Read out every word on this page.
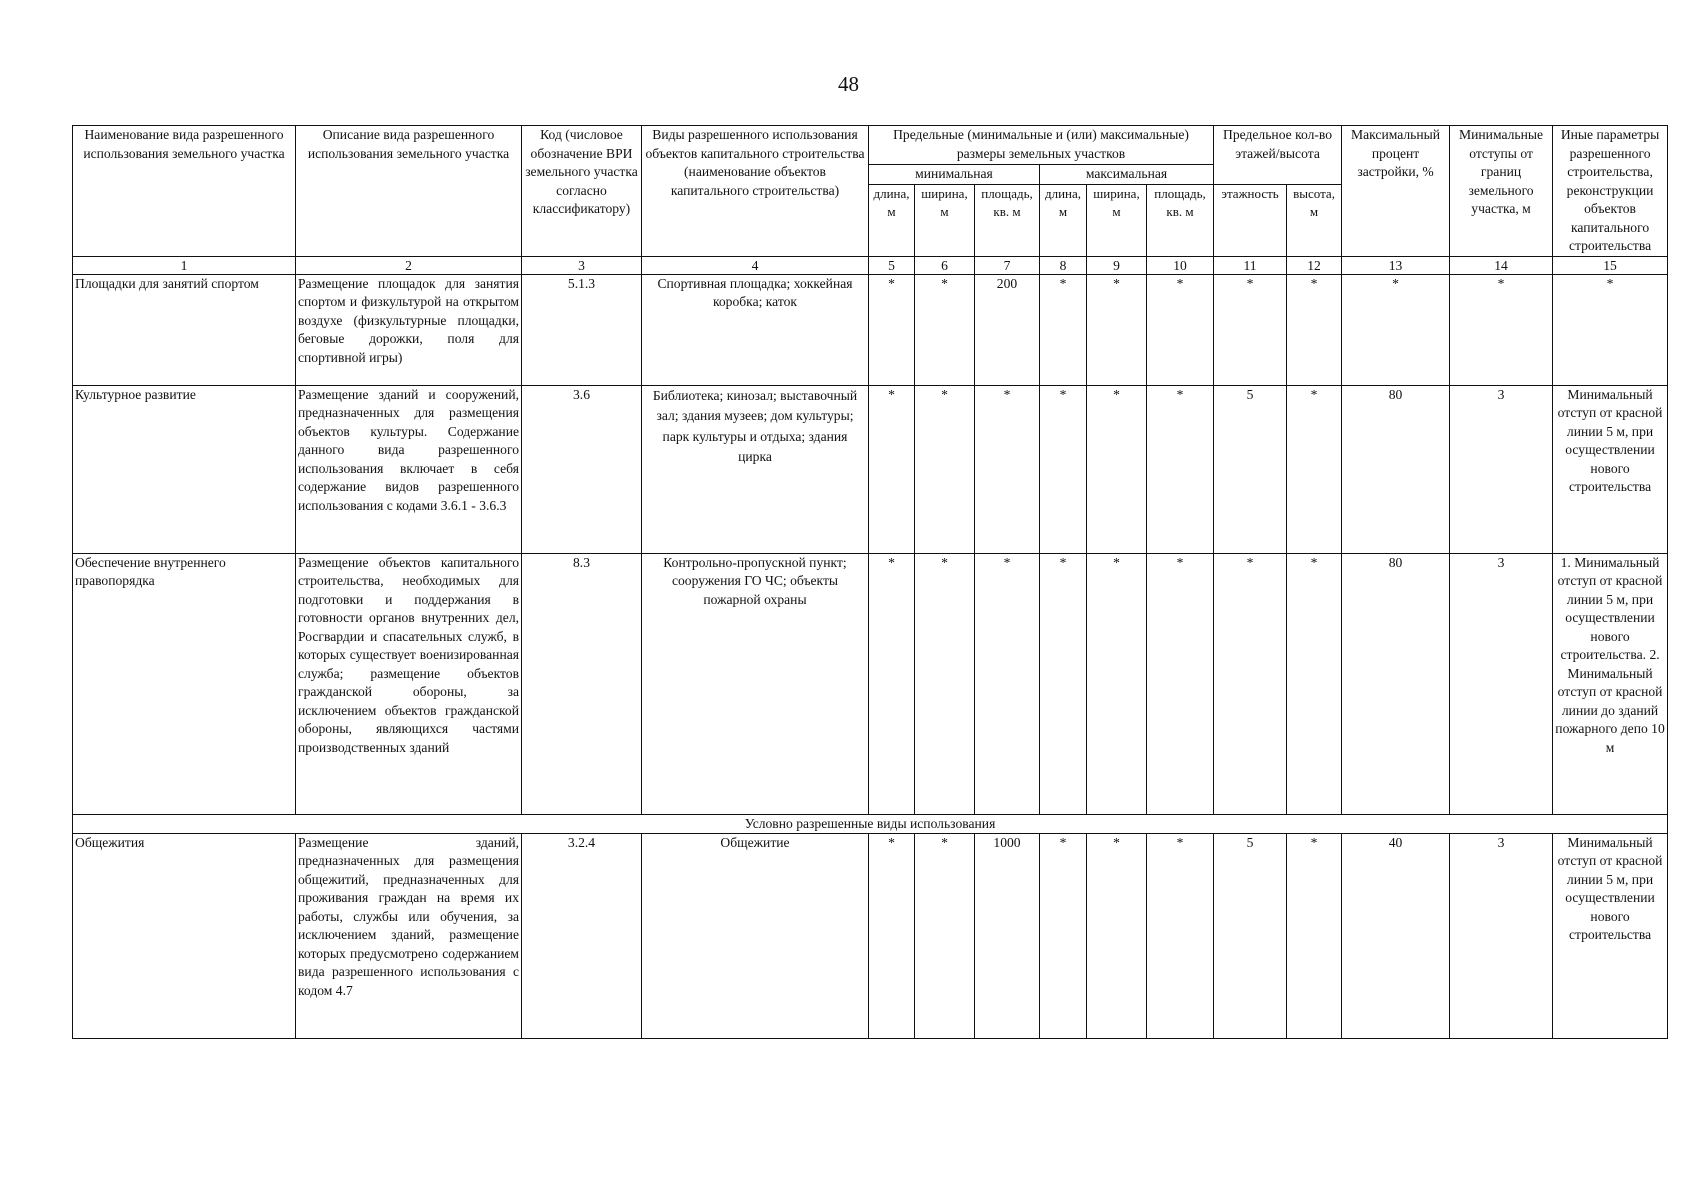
48
Наименование вида разрешенного использования земельного участка	Описание вида разрешенного использования земельного участка	Код (числовое обозначение ВРИ земельного участка согласно классификатору)	Виды разрешенного использования объектов капитального строительства (наименование объектов капитального строительства)	Предельные (минимальные и (или) максимальные) размеры земельных участков						Предельное кол-во этажей/высота		Максимальный процент застройки, %	Минимальные отступы от границ земельного участка, м	Иные параметры разрешенного строительства, реконструкции объектов капитального строительства

				минимальная			максимальная							
				длина, м	ширина, м	площадь, кв. м	длина, м	ширина, м	площадь, кв. м	этажность	высота, м			
1	2	3	4	5	6	7	8	9	10	11	12	13	14	15
Площадки для занятий спортом	Размещение площадок для занятия спортом и физкультурой на открытом воздухе (физкультурные площадки, беговые дорожки, поля для спортивной игры)	5.1.3	Спортивная площадка; хоккейная коробка; каток	*	*	200	*	*	*	*	*	*	*	*
Культурное развитие	Размещение зданий и сооружений, предназначенных для размещения объектов культуры. Содержание данного вида разрешенного использования включает в себя содержание видов разрешенного использования с кодами 3.6.1 - 3.6.3	3.6	Библиотека; кинозал; выставочный зал; здания музеев; дом культуры; парк культуры и отдыха; здания цирка	*	*	*	*	*	*	5	*	80	3	Минимальный отступ от красной линии 5 м, при осуществлении нового строительства
Обеспечение внутреннего правопорядка	Размещение объектов капитального строительства, необходимых для подготовки и поддержания в готовности органов внутренних дел, Росгвардии и спасательных служб, в которых существует военизированная служба; размещение объектов гражданской обороны, за исключением объектов гражданской обороны, являющихся частями производственных зданий	8.3	Контрольно-пропускной пункт; сооружения ГО ЧС; объекты пожарной охраны	*	*	*	*	*	*	*	*	80	3	1. Минимальный отступ от красной линии 5 м, при осуществлении нового строительства. 2. Минимальный отступ от красной линии до зданий пожарного депо 10 м
Условно разрешенные виды использования														
Общежития	Размещение зданий, предназначенных для размещения общежитий, предназначенных для проживания граждан на время их работы, службы или обучения, за исключением зданий, размещение которых предусмотрено содержанием вида разрешенного использования с кодом 4.7	3.2.4	Общежитие	*	*	1000	*	*	*	5	*	40	3	Минимальный отступ от красной линии 5 м, при осуществлении нового строительства
